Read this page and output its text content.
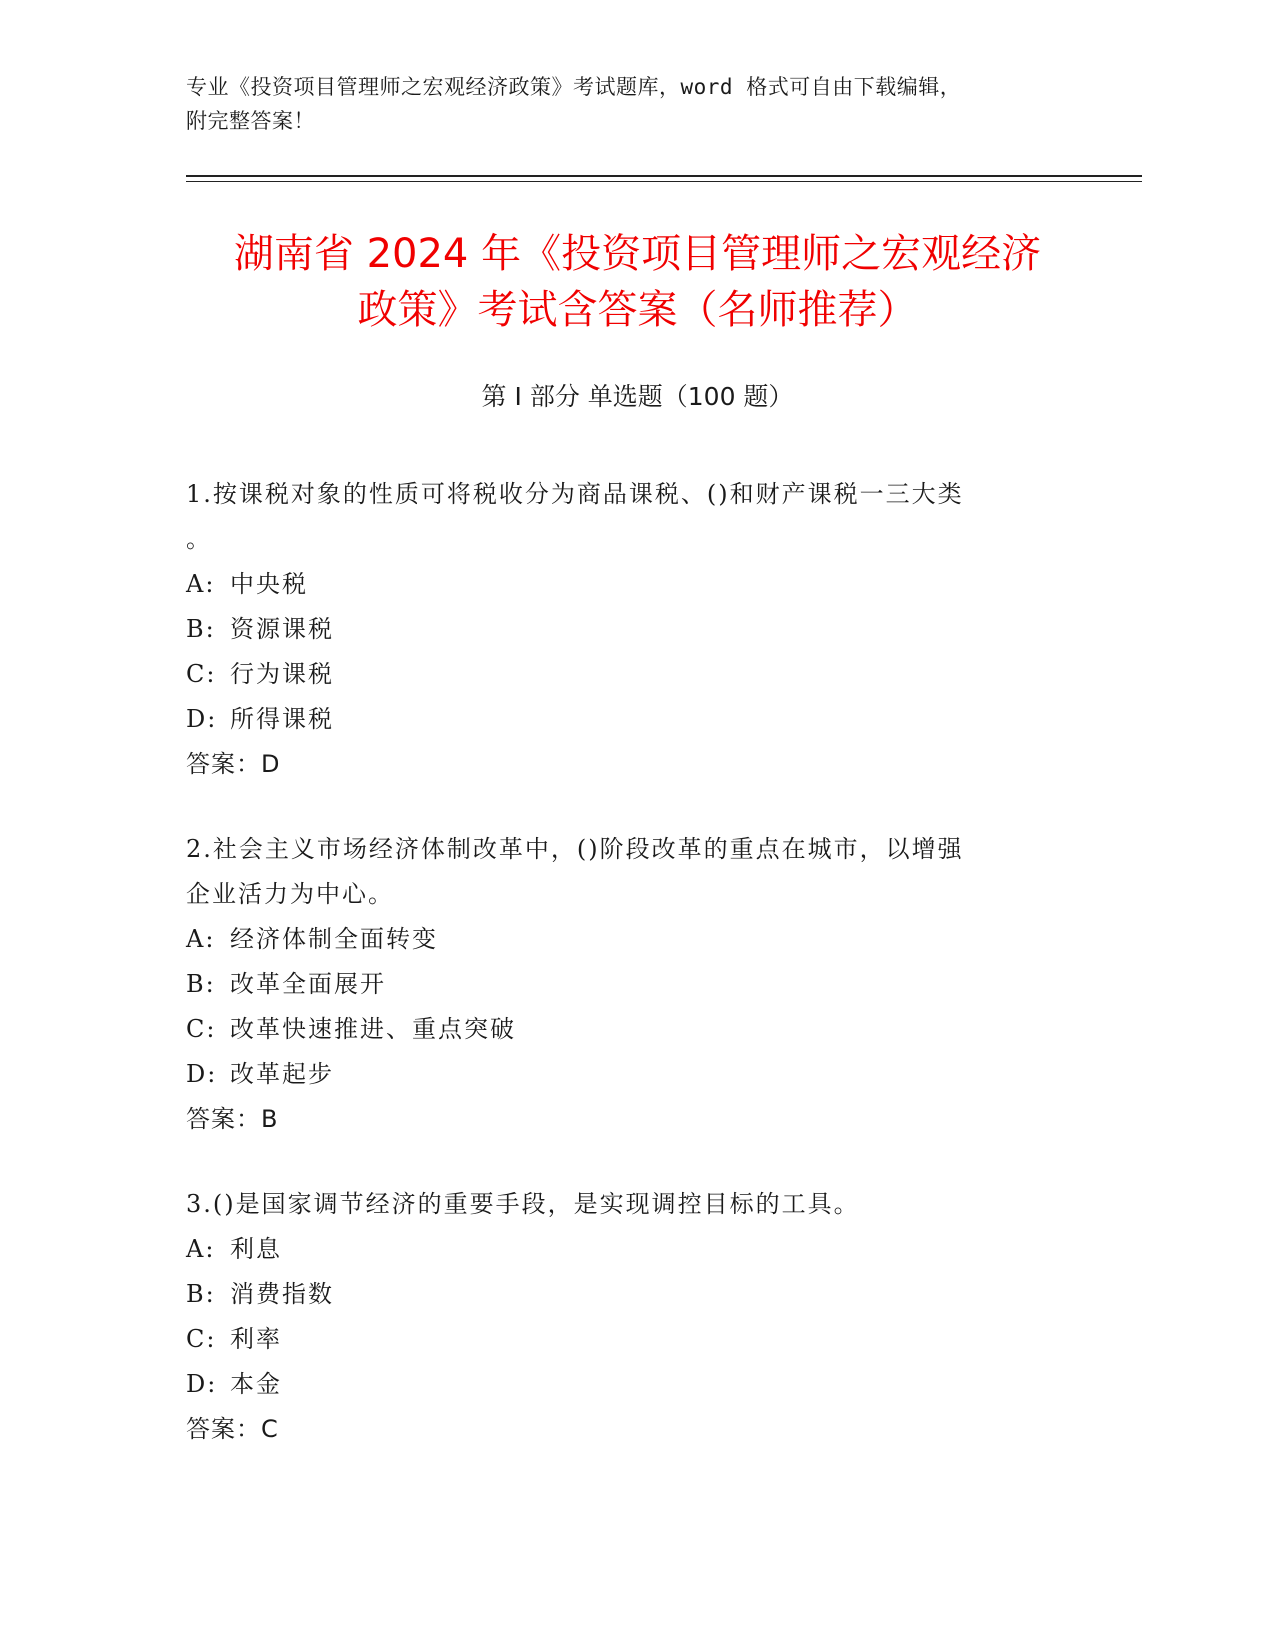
专业《投资项目管理师之宏观经济政策》考试题库，word 格式可自由下载编辑，
附完整答案！
湖南省 2024 年《投资项目管理师之宏观经济
政策》考试含答案（名师推荐）
第 I 部分 单选题（100 题）

1.按课税对象的性质可将税收分为商品课税、()和财产课税一三大类
。

A: 中央税
B: 资源课税
C: 行为课税
D: 所得课税
答案：D

2.社会主义市场经济体制改革中，()阶段改革的重点在城市，以增强
企业活力为中心。

A: 经济体制全面转变
B: 改革全面展开
C: 改革快速推进、重点突破
D: 改革起步
答案：B

3.()是国家调节经济的重要手段，是实现调控目标的工具。

A: 利息
B: 消费指数
C: 利率
D: 本金
答案：C
